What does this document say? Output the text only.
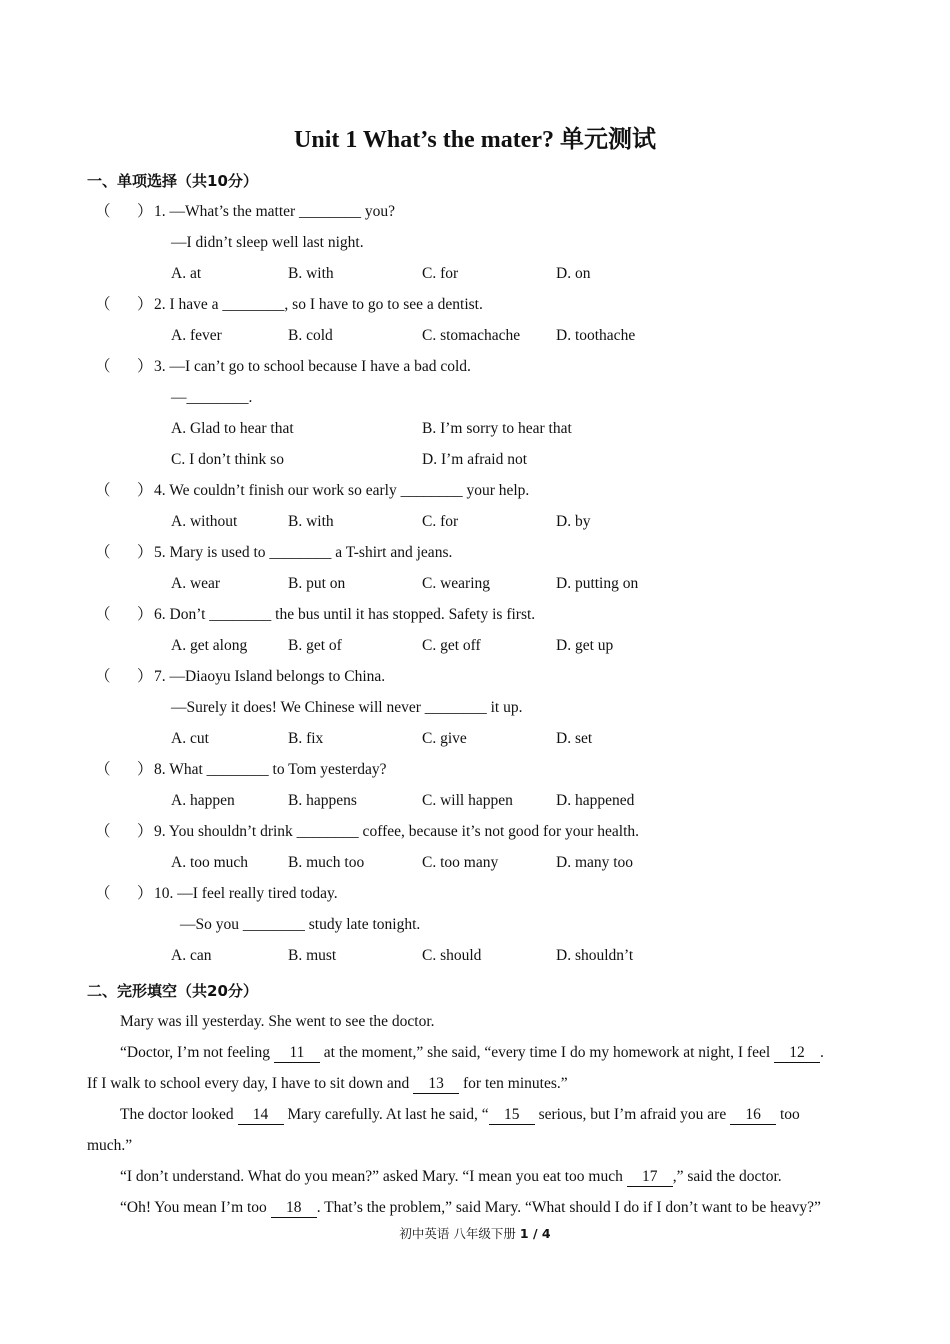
Unit 1 What’s the mater? 单元测试
一、单项选择（共10分）
（ ） 1. —What’s the matter ________ you?
—I didn’t sleep well last night.
A. at	B. with	C. for	D. on
（ ） 2. I have a ________, so I have to go to see a dentist.
A. fever	B. cold	C. stomachache D. toothache
（ ） 3. —I can’t go to school because I have a bad cold.
—________.
A. Glad to hear that	B. I’m sorry to hear that
C. I don’t think so	D. I’m afraid not
（ ） 4. We couldn’t finish our work so early ________ your help.
A. without	B. with	C. for	D. by
（ ） 5. Mary is used to ________ a T-shirt and jeans.
A. wear	B. put on	C. wearing	D. putting on
（ ） 6. Don’t ________ the bus until it has stopped. Safety is first.
A. get along	B. get of	C. get off	D. get up
（ ） 7. —Diaoyu Island belongs to China.
—Surely it does! We Chinese will never ________ it up.
A. cut	B. fix	C. give	D. set
（ ） 8. What ________ to Tom yesterday?
A. happen	B. happens	C. will happen	D. happened
（ ） 9. You shouldn’t drink ________ coffee, because it’s not good for your health.
A. too much	B. much too	C. too many	D. many too
（ ） 10. —I feel really tired today.
—So you ________ study late tonight.
A. can	B. must	C. should	D. shouldn’t
二、完形填空（共20分）
Mary was ill yesterday. She went to see the doctor.
“Doctor, I’m not feeling 11 at the moment,” she said, “every time I do my homework at night, I feel 12 .
If I walk to school every day, I have to sit down and 13 for ten minutes.”
The doctor looked 14 Mary carefully. At last he said, “ 15 serious, but I’m afraid you are 16 too
much.”
“I don’t understand. What do you mean?” asked Mary. “I mean you eat too much 17 ,” said the doctor.
“Oh! You mean I’m too 18 . That’s the problem,” said Mary. “What should I do if I don’t want to be heavy?”
初中英语 八年级下册 1 / 4
